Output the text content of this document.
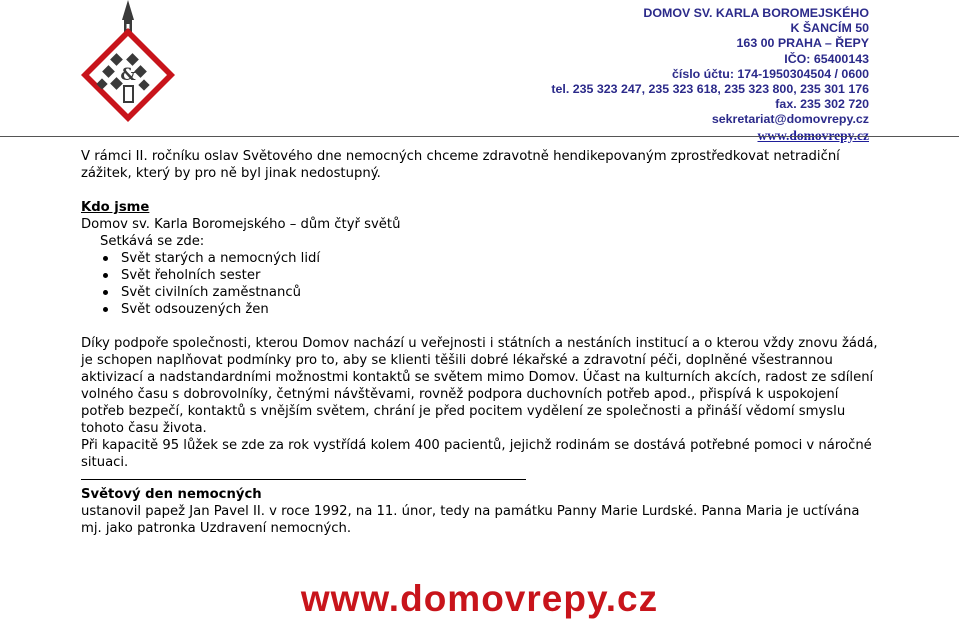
&
DOMOV SV. KARLA BOROMEJSKÉHO
K ŠANCÍM 50
163 00 PRAHA – ŘEPY
IČO: 65400143
číslo účtu: 174-1950304504 / 0600
tel. 235 323 247, 235 323 618, 235 323 800, 235 301 176
fax. 235 302 720
sekretariat@domovrepy.cz
www.domovrepy.cz

V rámci II. ročníku oslav Světového dne nemocných chceme zdravotně hendikepovaným zprostředkovat netradiční zážitek, který by pro ně byl jinak nedostupný.

Kdo jsme

Domov sv. Karla Boromejského – dům čtyř světů

Setkává se zde:

Svět starých a nemocných lidí
Svět řeholních sester
Svět civilních zaměstnanců
Svět odsouzených žen

Díky podpoře společnosti, kterou Domov nachází u veřejnosti i státních a nestáních institucí a o kterou vždy znovu žádá, je schopen naplňovat podmínky pro to, aby se klienti těšili dobré lékařské a zdravotní péči, doplněné všestrannou aktivizací a nadstandardními možnostmi kontaktů se světem mimo Domov. Účast na kulturních akcích, radost ze sdílení volného času s dobrovolníky, četnými návštěvami, rovněž podpora duchovních potřeb apod., přispívá k uspokojení potřeb bezpečí, kontaktů s vnějším světem, chrání je před pocitem vydělení ze společnosti a přináší vědomí smyslu tohoto času života.

Při kapacitě 95 lůžek se zde za rok vystřídá kolem 400 pacientů, jejichž rodinám se dostává potřebné pomoci v náročné situaci.

Světový den nemocných

ustanovil papež Jan Pavel II. v roce 1992, na 11. únor, tedy na památku Panny Marie Lurdské. Panna Maria je uctívána mj. jako patronka Uzdravení nemocných.

www.domovrepy.cz
